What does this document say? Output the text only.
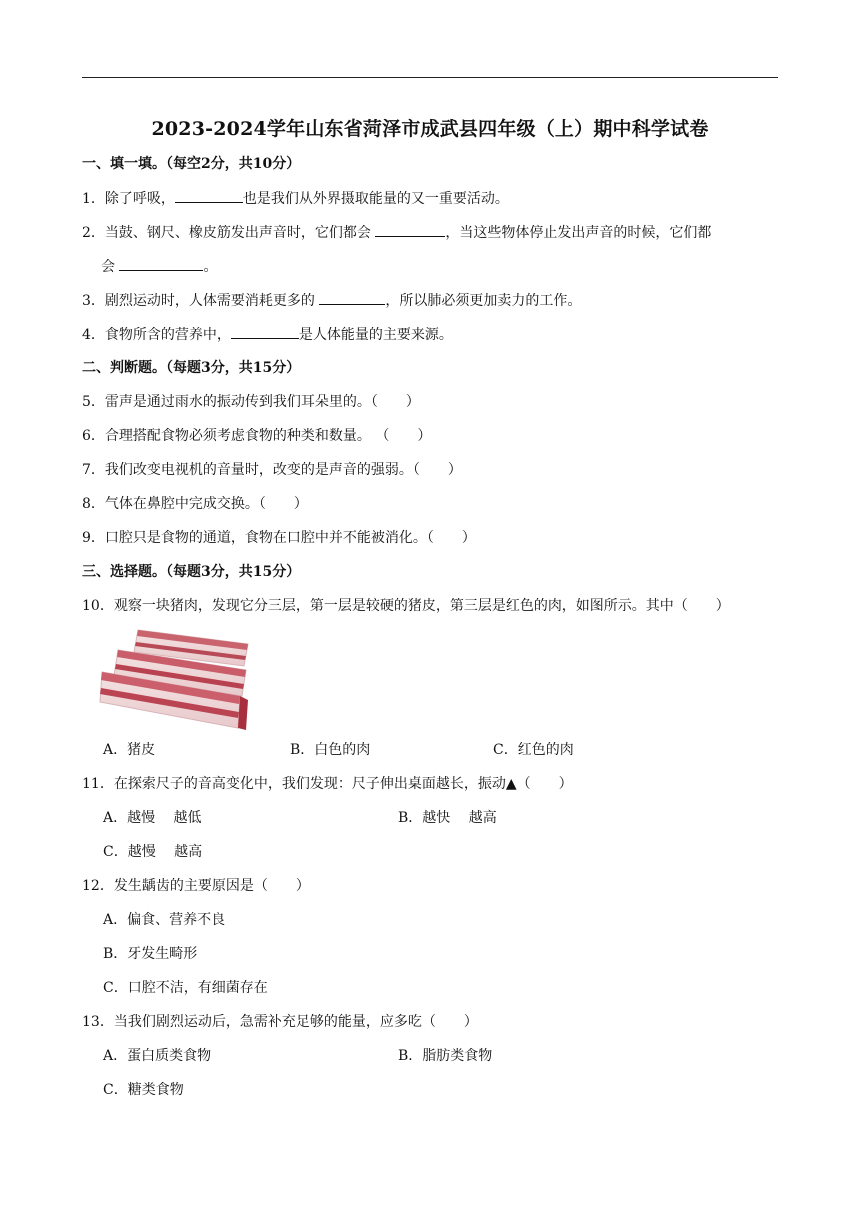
2023-2024学年山东省菏泽市成武县四年级（上）期中科学试卷
一、填一填。（每空2分，共10分）
1．除了呼吸，	也是我们从外界摄取能量的又一重要活动。
2．当鼓、钢尺、橡皮筋发出声音时，它们都会	，当这些物体停止发出声音的时候，它们都
会	。
3．剧烈运动时，人体需要消耗更多的	，所以肺必须更加卖力的工作。
4．食物所含的营养中，	是人体能量的主要来源。
二、判断题。（每题3分，共15分）
5．雷声是通过雨水的振动传到我们耳朵里的。（　　）
6．合理搭配食物必须考虑食物的种类和数量。 （　　）
7．我们改变电视机的音量时，改变的是声音的强弱。（　　）
8．气体在鼻腔中完成交换。（　　）
9．口腔只是食物的通道，食物在口腔中并不能被消化。（　　）
三、选择题。（每题3分，共15分）
10．观察一块猪肉，发现它分三层，第一层是较硬的猪皮，第三层是红色的肉，如图所示。其中（　　）
A．猪皮	B．白色的肉	C．红色的肉
11．在探索尺子的音高变化中，我们发现：尺子伸出桌面越长，振动▲（　　）
A．越慢　 越低	B．越快　 越高
C．越慢　 越高
12．发生龋齿的主要原因是（　　）
A．偏食、营养不良
B．牙发生畸形
C．口腔不洁，有细菌存在
13．当我们剧烈运动后，急需补充足够的能量，应多吃（　　）
A．蛋白质类食物	B．脂肪类食物
C．糖类食物
